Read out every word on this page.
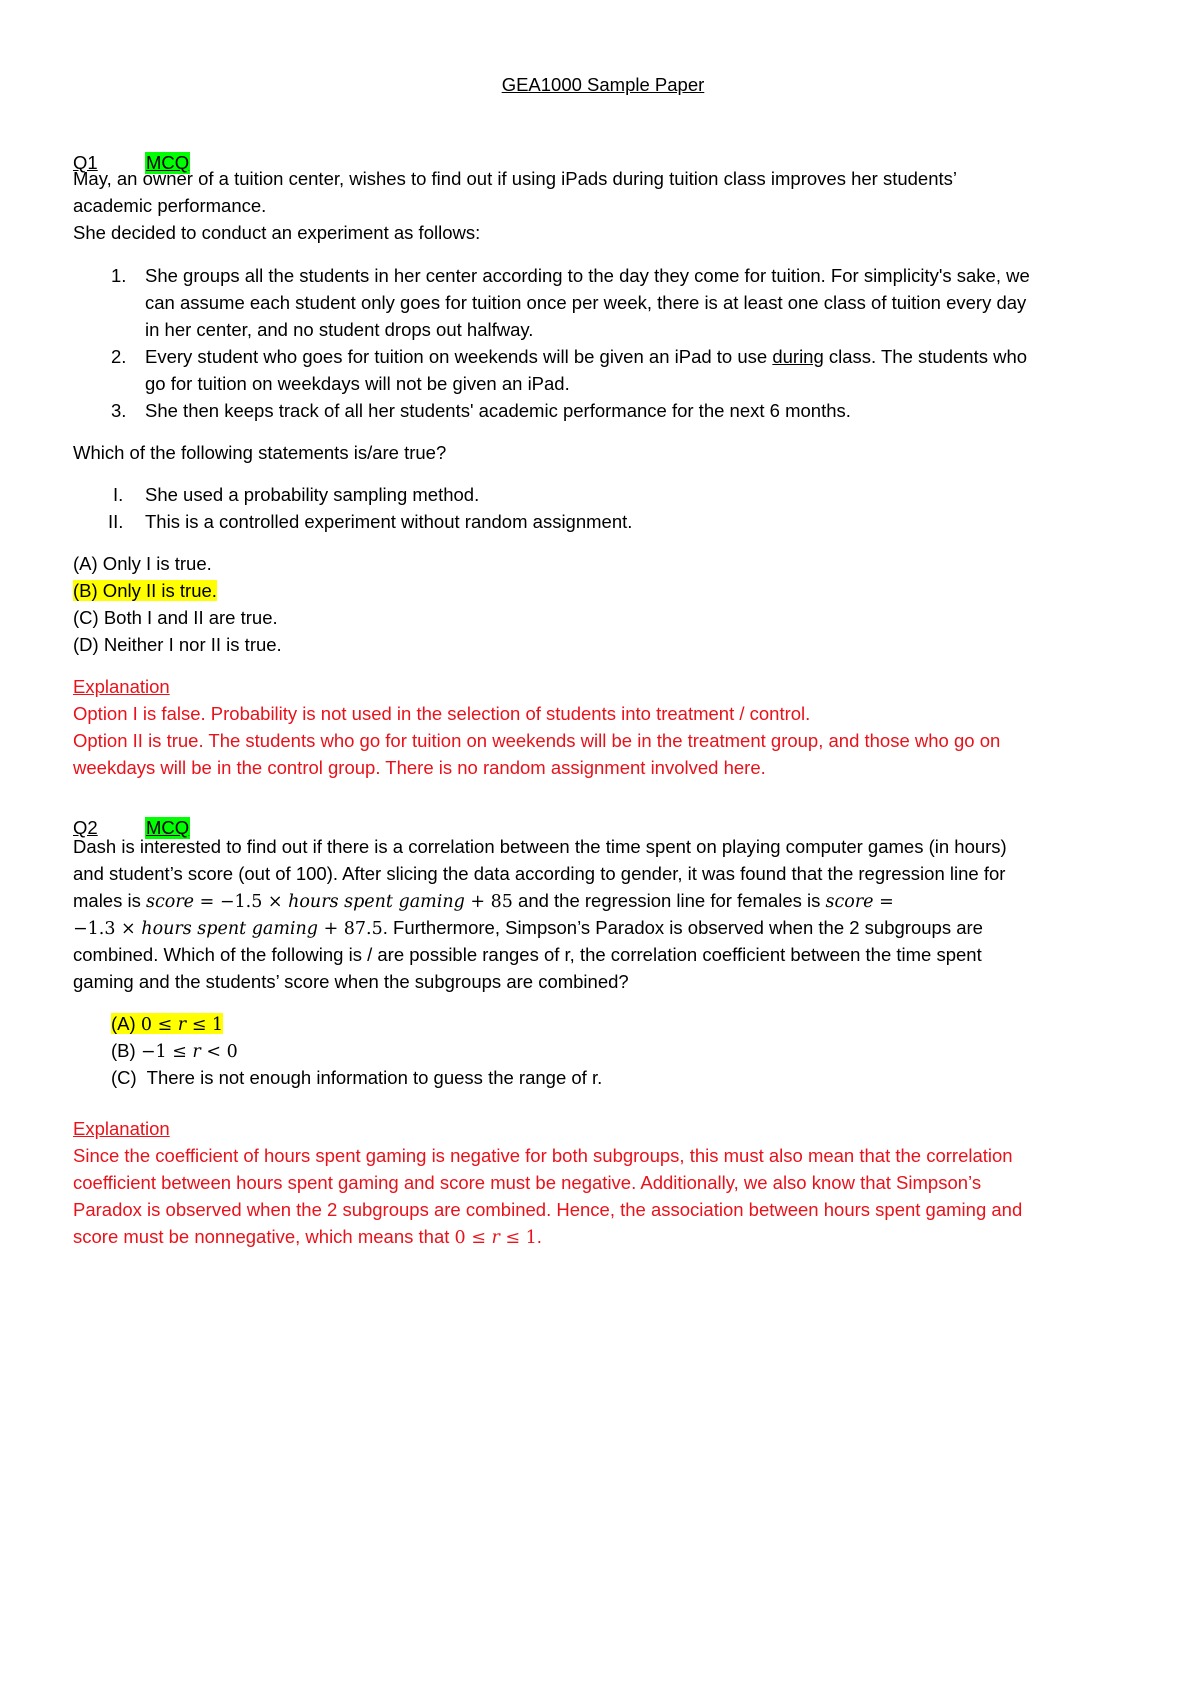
GEA1000 Sample Paper
Q1	MCQ
May, an owner of a tuition center, wishes to find out if using iPads during tuition class improves her students’
academic performance.
She decided to conduct an experiment as follows:
1. She groups all the students in her center according to the day they come for tuition. For simplicity's sake, we
can assume each student only goes for tuition once per week, there is at least one class of tuition every day
in her center, and no student drops out halfway.
2. Every student who goes for tuition on weekends will be given an iPad to use during class. The students who
go for tuition on weekdays will not be given an iPad.
3. She then keeps track of all her students' academic performance for the next 6 months.
Which of the following statements is/are true?
I. She used a probability sampling method.
II. This is a controlled experiment without random assignment.
(A) Only I is true.
(B) Only II is true.
(C) Both I and II are true.
(D) Neither I nor II is true.
Explanation
Option I is false. Probability is not used in the selection of students into treatment / control.
Option II is true. The students who go for tuition on weekends will be in the treatment group, and those who go on
weekdays will be in the control group. There is no random assignment involved here.
Q2	MCQ
Dash is interested to find out if there is a correlation between the time spent on playing computer games (in hours)
and student’s score (out of 100). After slicing the data according to gender, it was found that the regression line for
males is score = −1.5 × hours spent gaming + 85 and the regression line for females is score =
−1.3 × hours spent gaming + 87.5. Furthermore, Simpson’s Paradox is observed when the 2 subgroups are
combined. Which of the following is / are possible ranges of r, the correlation coefficient between the time spent
gaming and the students’ score when the subgroups are combined?
(A) 0 ≤ r ≤ 1
(B) −1 ≤ r < 0
(C) There is not enough information to guess the range of r.
Explanation
Since the coefficient of hours spent gaming is negative for both subgroups, this must also mean that the correlation
coefficient between hours spent gaming and score must be negative. Additionally, we also know that Simpson’s
Paradox is observed when the 2 subgroups are combined. Hence, the association between hours spent gaming and
score must be nonnegative, which means that 0 ≤ r ≤ 1.
